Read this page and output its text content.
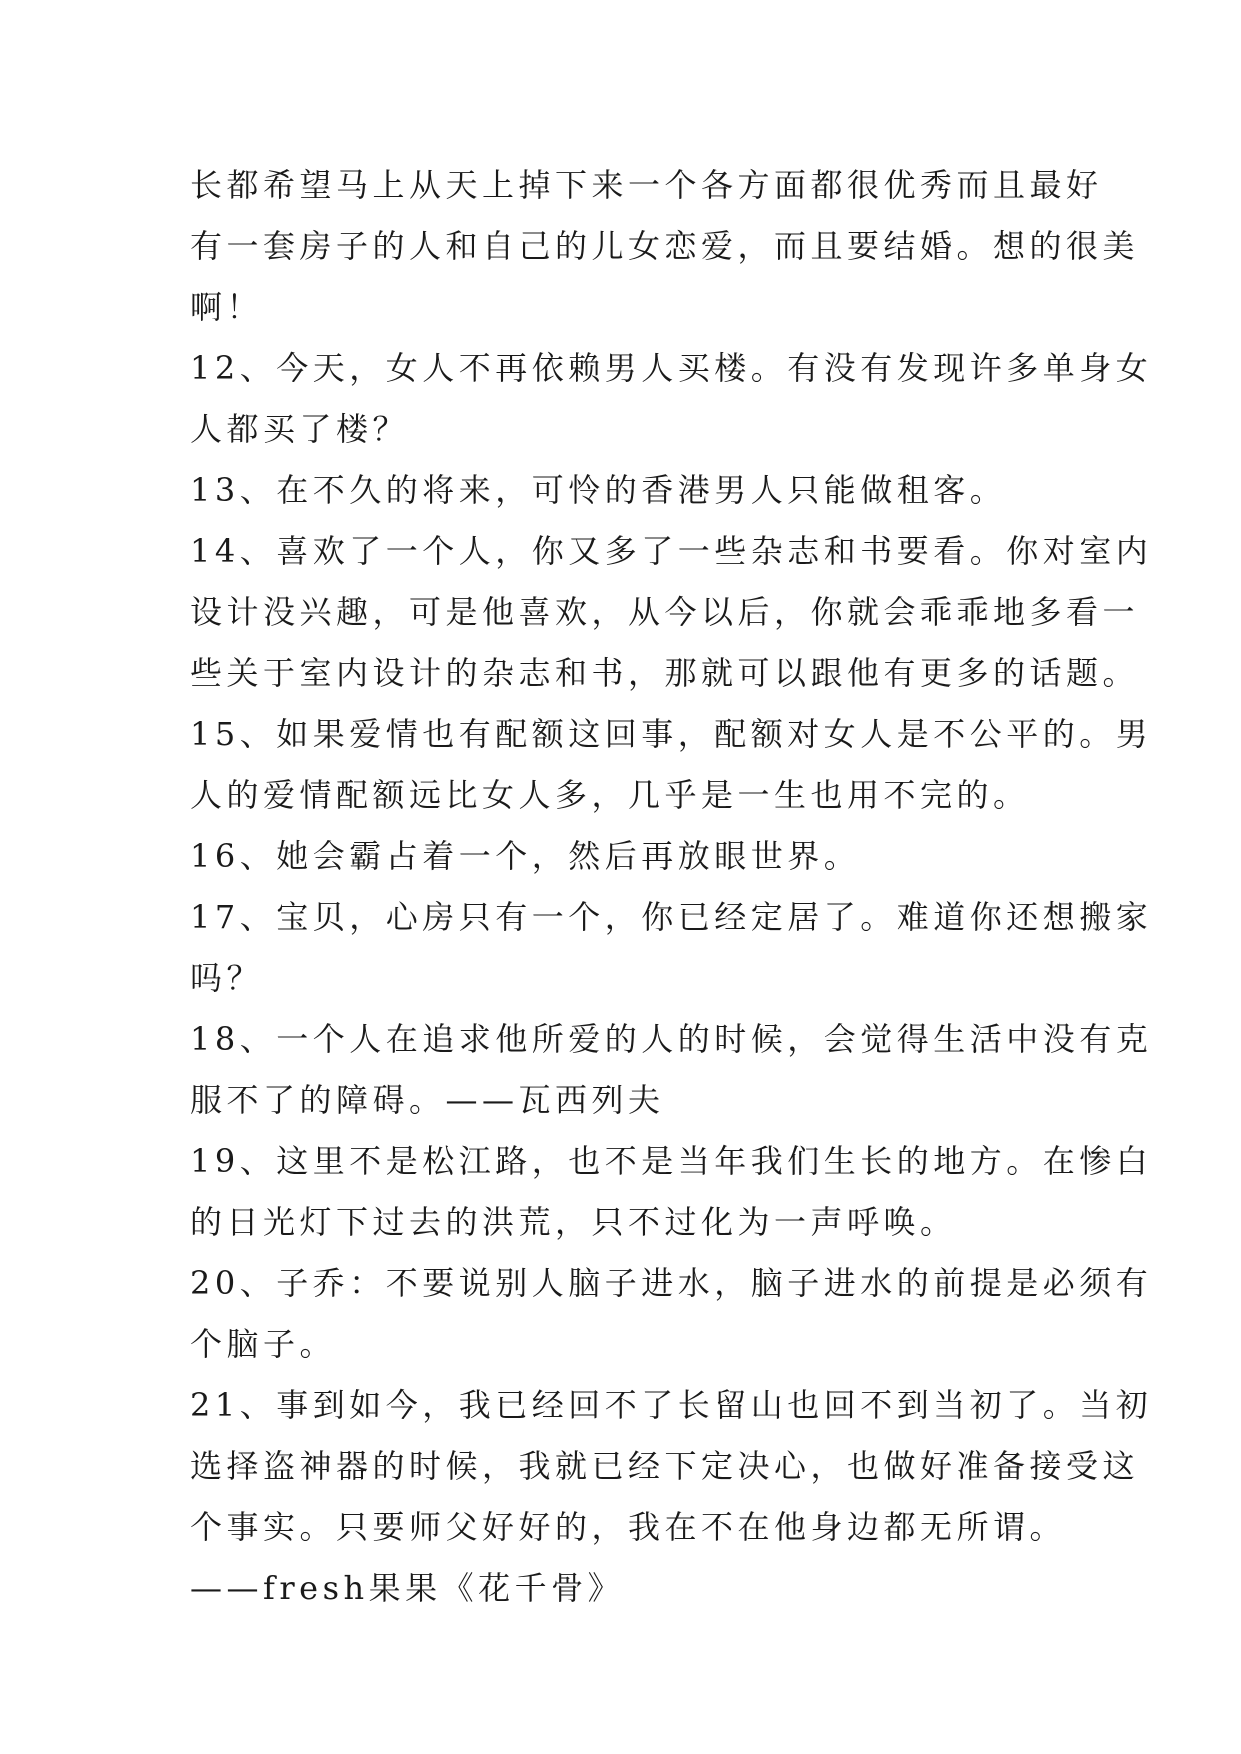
长都希望马上从天上掉下来一个各方面都很优秀而且最好
有一套房子的人和自己的儿女恋爱，而且要结婚。想的很美
啊！
12、今天，女人不再依赖男人买楼。有没有发现许多单身女
人都买了楼？
13、在不久的将来，可怜的香港男人只能做租客。
14、喜欢了一个人，你又多了一些杂志和书要看。你对室内
设计没兴趣，可是他喜欢，从今以后，你就会乖乖地多看一
些关于室内设计的杂志和书，那就可以跟他有更多的话题。
15、如果爱情也有配额这回事，配额对女人是不公平的。男
人的爱情配额远比女人多，几乎是一生也用不完的。
16、她会霸占着一个，然后再放眼世界。
17、宝贝，心房只有一个，你已经定居了。难道你还想搬家
吗？
18、一个人在追求他所爱的人的时候，会觉得生活中没有克
服不了的障碍。——瓦西列夫
19、这里不是松江路，也不是当年我们生长的地方。在惨白
的日光灯下过去的洪荒，只不过化为一声呼唤。
20、子乔：不要说别人脑子进水，脑子进水的前提是必须有
个脑子。
21、事到如今，我已经回不了长留山也回不到当初了。当初
选择盗神器的时候，我就已经下定决心，也做好准备接受这
个事实。只要师父好好的，我在不在他身边都无所谓。
——fresh果果《花千骨》
